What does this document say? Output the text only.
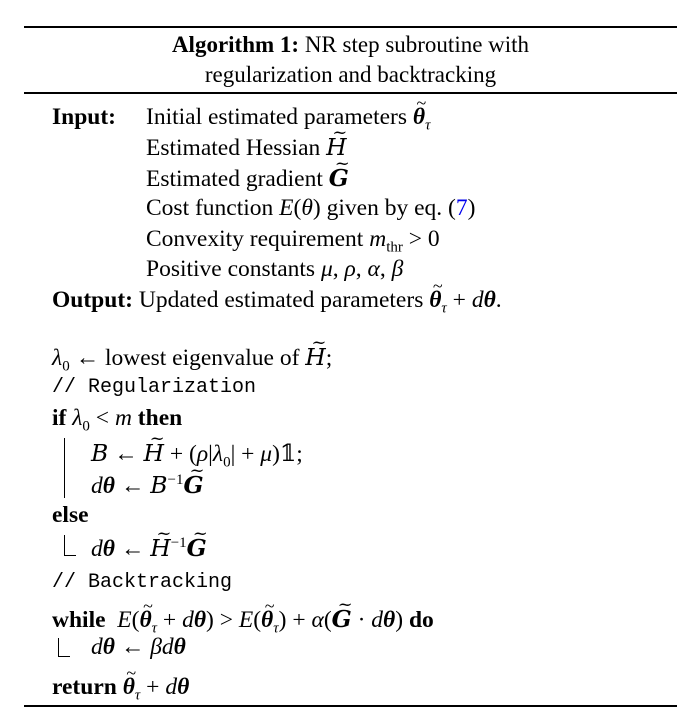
Algorithm 1: NR step subroutine with
regularization and backtracking
Input: Initial estimated parameters ~ $\theta_\tau$
Estimated Hessian ~ H
Estimated gradient ~ G
Cost function E(θ) given by eq. (7)
Convexity requirement $m_{thr} > 0$
Positive constants μ, ρ, α, β
Output: Updated estimated parameters ~ $\theta_\tau + d\theta$.
$\lambda_0$ ← lowest eigenvalue of ~ H;
// Regularization
if $\lambda_0 < m$ then
B ← ~ $H + (\rho|\lambda_0|$ + μ)𝟙;
dθ ← $B^{-1}\sim$ G
else
dθ ← ~ $H^{-1}\sim$ G
// Backtracking
while E(~ $\theta_\tau + d\theta$) > E(~ $\theta_\tau$) + α(~ G · dθ) do
dθ ← βdθ
return ~ $\theta_\tau + d\theta$
